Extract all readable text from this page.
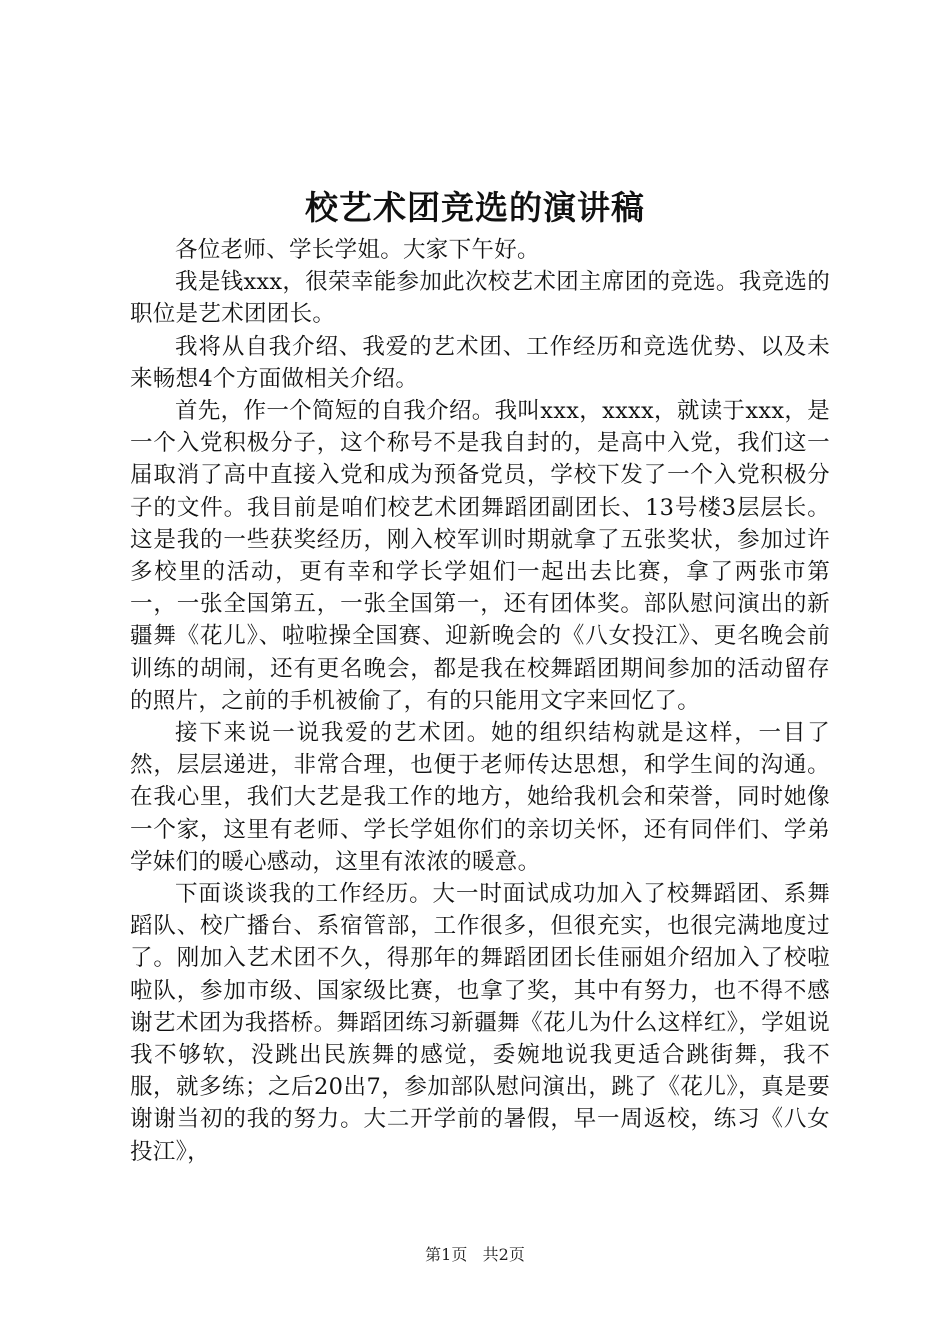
校艺术团竞选的演讲稿

各位老师、学长学姐。大家下午好。

我是钱xxx，很荣幸能参加此次校艺术团主席团的竞选。我竞选的职位是艺术团团长。

我将从自我介绍、我爱的艺术团、工作经历和竞选优势、以及未来畅想4个方面做相关介绍。

首先，作一个简短的自我介绍。我叫xxx，xxxx，就读于xxx，是一个入党积极分子，这个称号不是我自封的，是高中入党，我们这一届取消了高中直接入党和成为预备党员，学校下发了一个入党积极分子的文件。我目前是咱们校艺术团舞蹈团副团长、13号楼3层层长。这是我的一些获奖经历，刚入校军训时期就拿了五张奖状，参加过许多校里的活动，更有幸和学长学姐们一起出去比赛，拿了两张市第一，一张全国第五，一张全国第一，还有团体奖。部队慰问演出的新疆舞《花儿》、啦啦操全国赛、迎新晚会的《八女投江》、更名晚会前训练的胡闹，还有更名晚会，都是我在校舞蹈团期间参加的活动留存的照片，之前的手机被偷了，有的只能用文字来回忆了。

接下来说一说我爱的艺术团。她的组织结构就是这样，一目了然，层层递进，非常合理，也便于老师传达思想，和学生间的沟通。在我心里，我们大艺是我工作的地方，她给我机会和荣誉，同时她像一个家，这里有老师、学长学姐你们的亲切关怀，还有同伴们、学弟学妹们的暖心感动，这里有浓浓的暖意。

下面谈谈我的工作经历。大一时面试成功加入了校舞蹈团、系舞蹈队、校广播台、系宿管部，工作很多，但很充实，也很完满地度过了。刚加入艺术团不久，得那年的舞蹈团团长佳丽姐介绍加入了校啦啦队，参加市级、国家级比赛，也拿了奖，其中有努力，也不得不感谢艺术团为我搭桥。舞蹈团练习新疆舞《花儿为什么这样红》，学姐说我不够软，没跳出民族舞的感觉，委婉地说我更适合跳街舞，我不服，就多练；之后20出7，参加部队慰问演出，跳了《花儿》，真是要谢谢当初的我的努力。大二开学前的暑假，早一周返校，练习《八女投江》，

第1页 共2页
